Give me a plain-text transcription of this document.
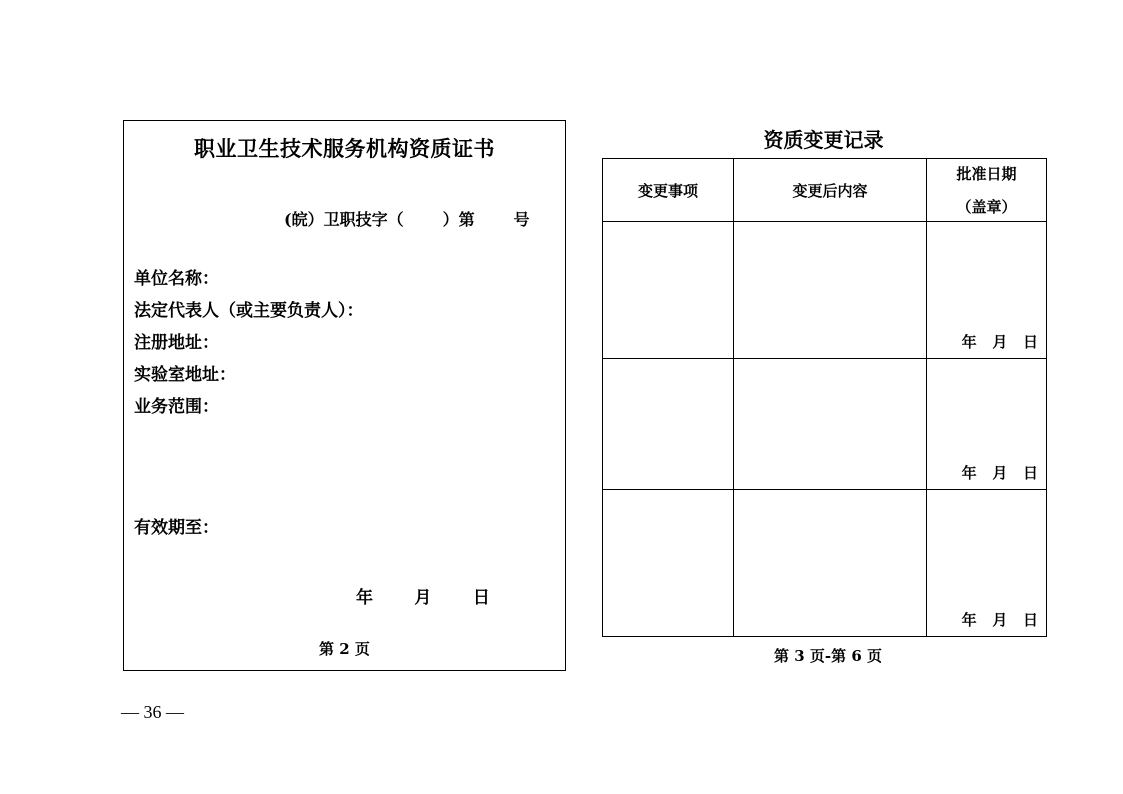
职业卫生技术服务机构资质证书
(皖）卫职技字（       ）第       号
单位名称：
法定代表人（或主要负责人）：
注册地址：
实验室地址：
业务范围：
有效期至：
年       月       日
第 2 页
资质变更记录
变更事项	变更后内容	批准日期
（盖章）

		年   月   日
		年   月   日
		年   月   日
第 3 页-第 6 页
— 36 —
